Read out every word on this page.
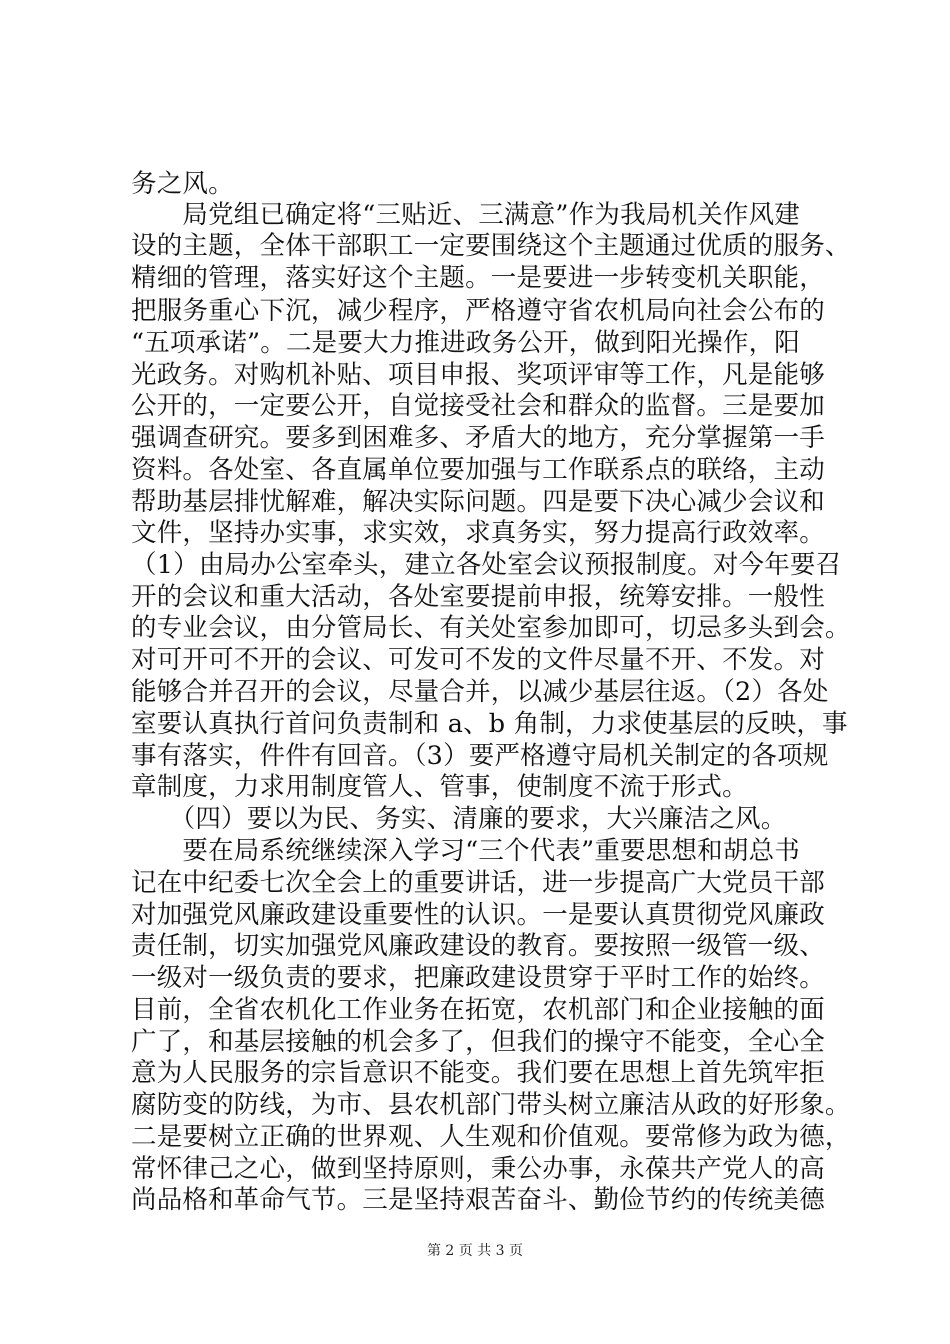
务之风。
　　局党组已确定将“三贴近、三满意”作为我局机关作风建
设的主题，全体干部职工一定要围绕这个主题通过优质的服务、
精细的管理，落实好这个主题。一是要进一步转变机关职能，
把服务重心下沉，减少程序，严格遵守省农机局向社会公布的
“五项承诺”。二是要大力推进政务公开，做到阳光操作，阳
光政务。对购机补贴、项目申报、奖项评审等工作，凡是能够
公开的，一定要公开，自觉接受社会和群众的监督。三是要加
强调查研究。要多到困难多、矛盾大的地方，充分掌握第一手
资料。各处室、各直属单位要加强与工作联系点的联络，主动
帮助基层排忧解难，解决实际问题。四是要下决心减少会议和
文件，坚持办实事，求实效，求真务实，努力提高行政效率。
（1）由局办公室牵头，建立各处室会议预报制度。对今年要召
开的会议和重大活动，各处室要提前申报，统筹安排。一般性
的专业会议，由分管局长、有关处室参加即可，切忌多头到会。
对可开可不开的会议、可发可不发的文件尽量不开、不发。对
能够合并召开的会议，尽量合并，以减少基层往返。（2）各处
室要认真执行首问负责制和 a、b 角制，力求使基层的反映，事
事有落实，件件有回音。（3）要严格遵守局机关制定的各项规
章制度，力求用制度管人、管事，使制度不流于形式。
　　（四）要以为民、务实、清廉的要求，大兴廉洁之风。
　　要在局系统继续深入学习“三个代表”重要思想和胡总书
记在中纪委七次全会上的重要讲话，进一步提高广大党员干部
对加强党风廉政建设重要性的认识。一是要认真贯彻党风廉政
责任制，切实加强党风廉政建设的教育。要按照一级管一级、
一级对一级负责的要求，把廉政建设贯穿于平时工作的始终。
目前，全省农机化工作业务在拓宽，农机部门和企业接触的面
广了，和基层接触的机会多了，但我们的操守不能变，全心全
意为人民服务的宗旨意识不能变。我们要在思想上首先筑牢拒
腐防变的防线，为市、县农机部门带头树立廉洁从政的好形象。
二是要树立正确的世界观、人生观和价值观。要常修为政为德，
常怀律己之心，做到坚持原则，秉公办事，永葆共产党人的高
尚品格和革命气节。三是坚持艰苦奋斗、勤俭节约的传统美德
第 2 页 共 3 页
